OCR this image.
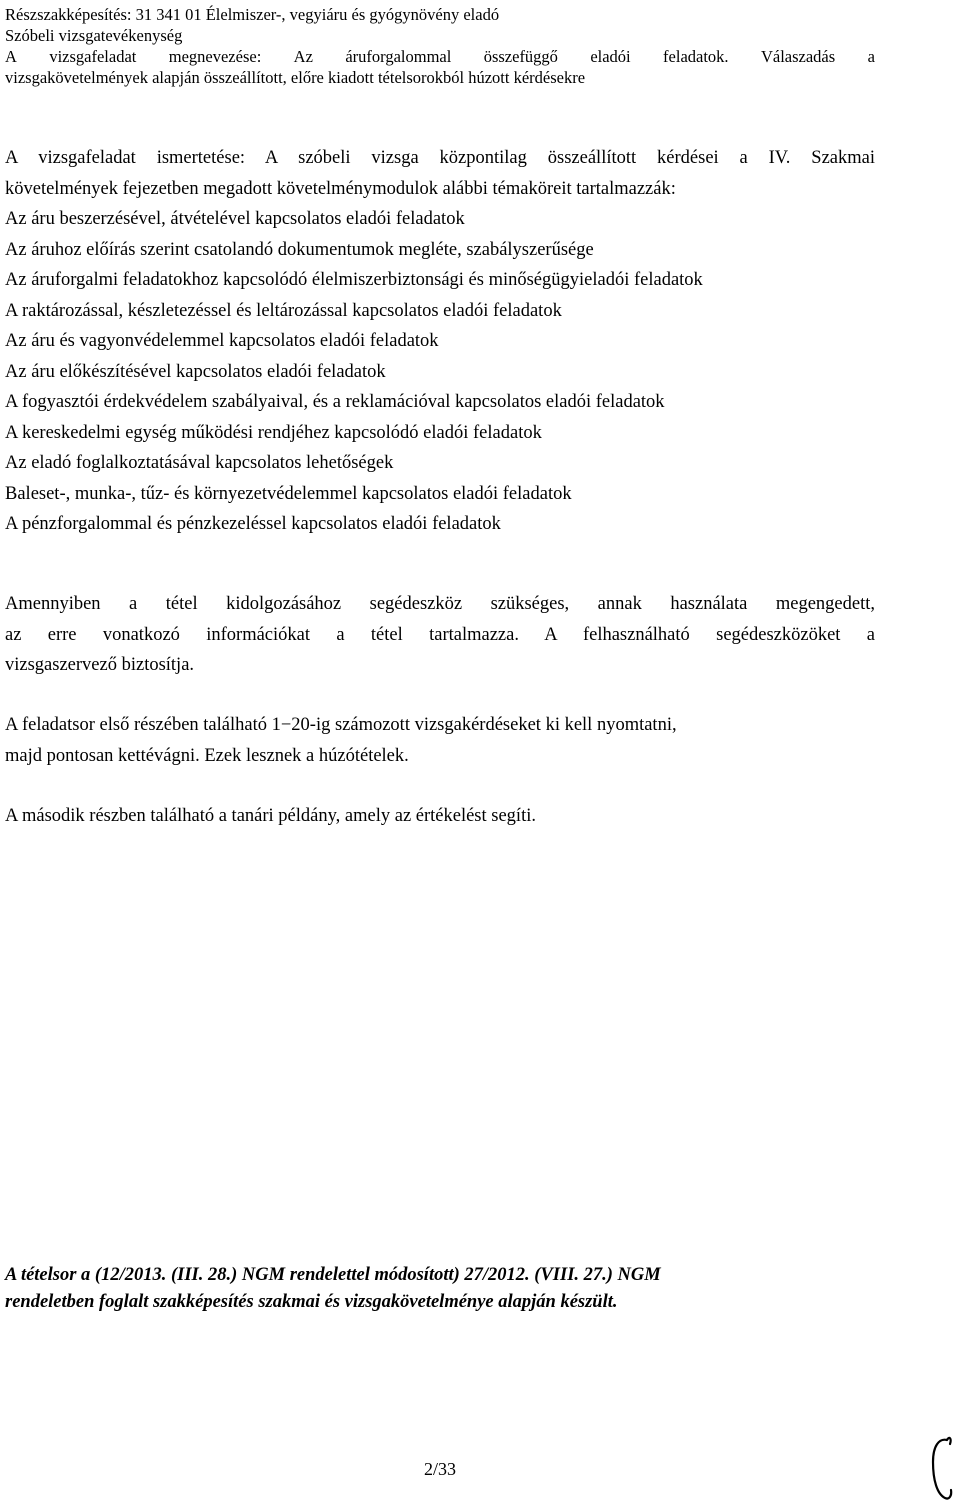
Részszakképesítés: 31 341 01 Élelmiszer-, vegyiáru és gyógynövény eladó
Szóbeli vizsgatevékenység
A vizsgafeladat megnevezése: Az áruforgalommal összefüggő eladói feladatok. Válaszadás a
vizsgakövetelmények alapján összeállított, előre kiadott tételsorokból húzott kérdésekre
A vizsgafeladat ismertetése: A szóbeli vizsga központilag összeállított kérdései a IV. Szakmai
követelmények fejezetben megadott követelménymodulok alábbi témaköreit tartalmazzák:
Az áru beszerzésével, átvételével kapcsolatos eladói feladatok
Az áruhoz előírás szerint csatolandó dokumentumok megléte, szabályszerűsége
Az áruforgalmi feladatokhoz kapcsolódó élelmiszerbiztonsági és minőségügyieladói feladatok
A raktározással, készletezéssel és leltározással kapcsolatos eladói feladatok
Az áru és vagyonvédelemmel kapcsolatos eladói feladatok
Az áru előkészítésével kapcsolatos eladói feladatok
A fogyasztói érdekvédelem szabályaival, és a reklamációval kapcsolatos eladói feladatok
A kereskedelmi egység működési rendjéhez kapcsolódó eladói feladatok
Az eladó foglalkoztatásával kapcsolatos lehetőségek
Baleset-, munka-, tűz- és környezetvédelemmel kapcsolatos eladói feladatok
A pénzforgalommal és pénzkezeléssel kapcsolatos eladói feladatok
Amennyiben a tétel kidolgozásához segédeszköz szükséges, annak használata megengedett,
az erre vonatkozó információkat a tétel tartalmazza. A felhasználható segédeszközöket a
vizsgaszervező biztosítja.
A feladatsor első részében található 1−20-ig számozott vizsgakérdéseket ki kell nyomtatni,
majd pontosan kettévágni. Ezek lesznek a húzótételek.
A második részben található a tanári példány, amely az értékelést segíti.
A tételsor a (12/2013. (III. 28.) NGM rendelettel módosított) 27/2012. (VIII. 27.) NGM
rendeletben foglalt szakképesítés szakmai és vizsgakövetelménye alapján készült.
2/33
